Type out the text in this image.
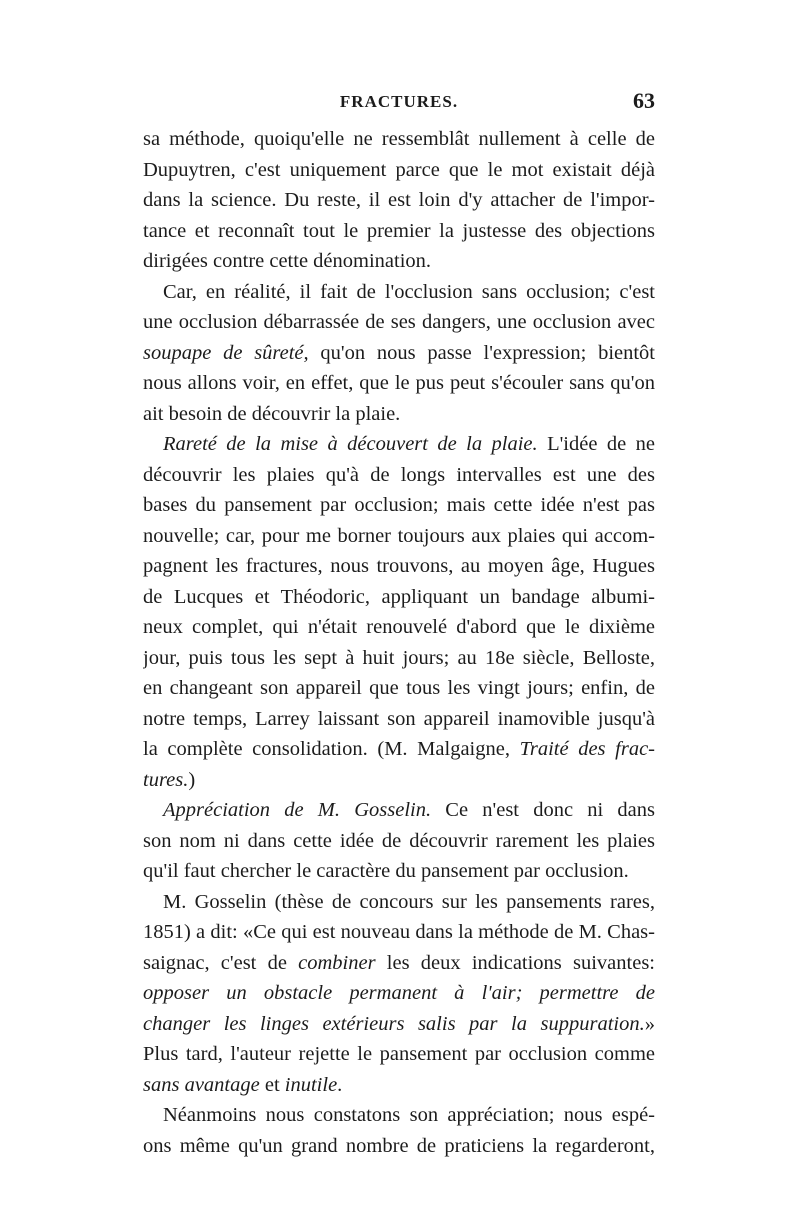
FRACTURES.	63
sa méthode, quoiqu'elle ne ressemblât nullement à celle de
Dupuytren, c'est uniquement parce que le mot existait déjà
dans la science. Du reste, il est loin d'y attacher de l'impor-
tance et reconnaît tout le premier la justesse des objections
dirigées contre cette dénomination.
Car, en réalité, il fait de l'occlusion sans occlusion; c'est
une occlusion débarrassée de ses dangers, une occlusion avec
soupape de sûreté, qu'on nous passe l'expression; bientôt
nous allons voir, en effet, que le pus peut s'écouler sans qu'on
ait besoin de découvrir la plaie.
Rareté de la mise à découvert de la plaie. L'idée de ne
découvrir les plaies qu'à de longs intervalles est une des
bases du pansement par occlusion; mais cette idée n'est pas
nouvelle; car, pour me borner toujours aux plaies qui accom-
pagnent les fractures, nous trouvons, au moyen âge, Hugues
de Lucques et Théodoric, appliquant un bandage albumi-
neux complet, qui n'était renouvelé d'abord que le dixième
jour, puis tous les sept à huit jours; au 18e siècle, Belloste,
en changeant son appareil que tous les vingt jours; enfin, de
notre temps, Larrey laissant son appareil inamovible jusqu'à
la complète consolidation. (M. Malgaigne, Traité des frac-
tures.)
Appréciation de M. Gosselin. Ce n'est donc ni dans
son nom ni dans cette idée de découvrir rarement les plaies
qu'il faut chercher le caractère du pansement par occlusion.
M. Gosselin (thèse de concours sur les pansements rares,
1851) a dit: «Ce qui est nouveau dans la méthode de M. Chas-
saignac, c'est de combiner les deux indications suivantes:
opposer un obstacle permanent à l'air; permettre de
changer les linges extérieurs salis par la suppuration.»
Plus tard, l'auteur rejette le pansement par occlusion comme
sans avantage et inutile.
Néanmoins nous constatons son appréciation; nous espé-
ons même qu'un grand nombre de praticiens la regarderont,
